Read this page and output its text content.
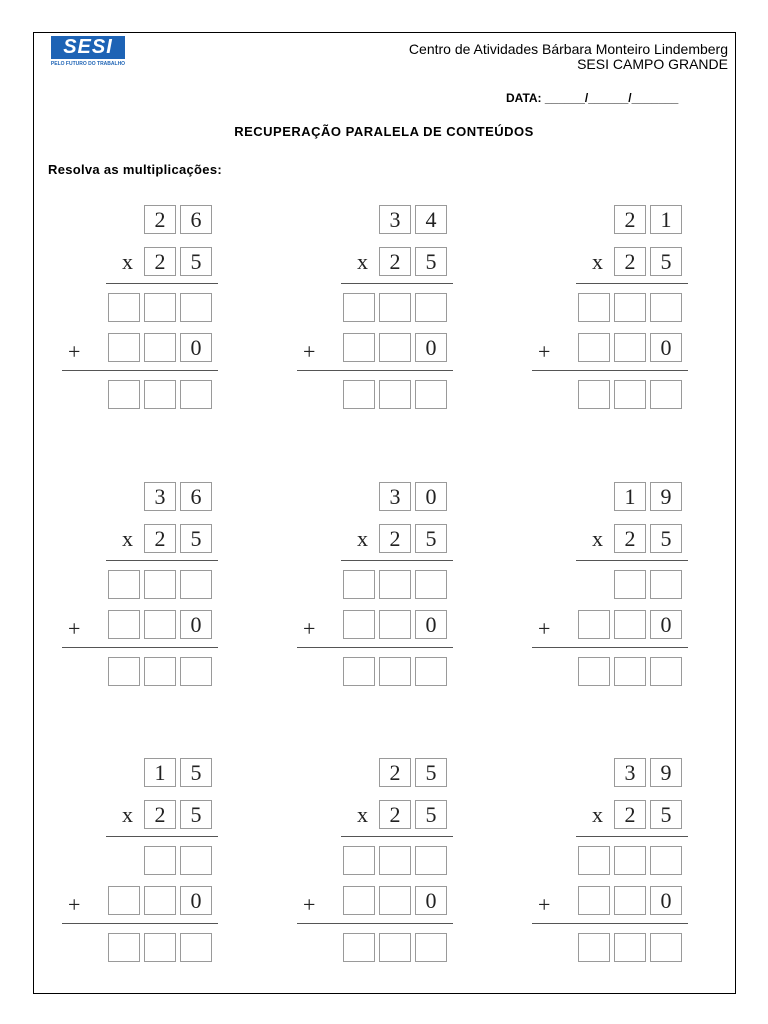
SESI
PELO FUTURO DO TRABALHO
Centro de Atividades Bárbara Monteiro Lindemberg
SESI CAMPO GRANDE
DATA: ______/______/_______
RECUPERAÇÃO PARALELA DE CONTEÚDOS
Resolva as multiplicações:
2	6
x 2	5
+	0
3	4
x 2	5
+	0
2	1
x 2	5
+	0
3	6
x 2	5
+	0
3	0
x 2	5
+	0
1	9
x 2	5
+	0
1	5
x 2	5
+	0
2	5
x 2	5
+	0
3	9
x 2	5
+	0
